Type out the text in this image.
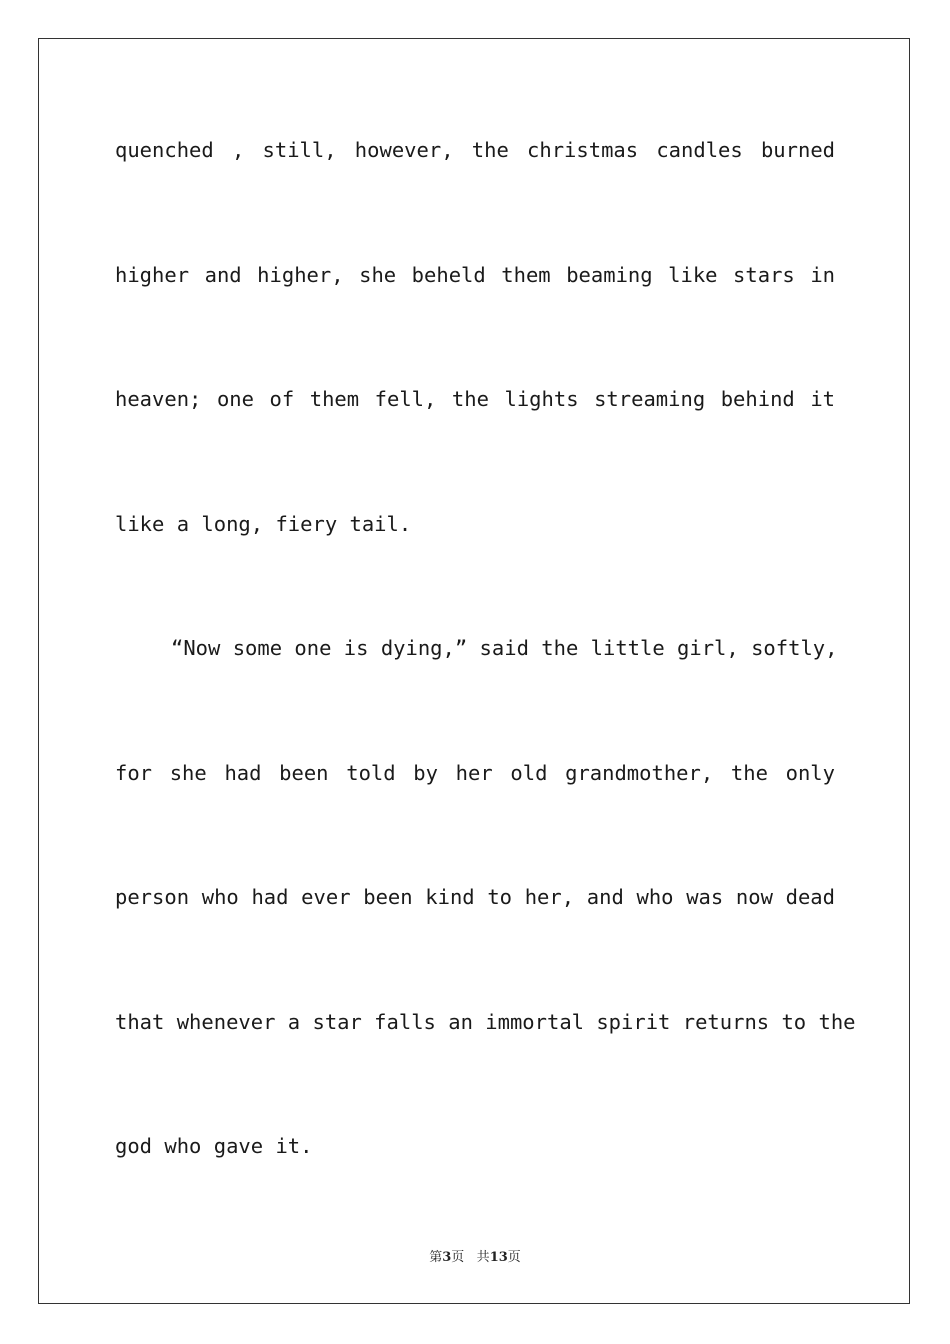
quenched , still, however, the christmas candles burned
higher and higher, she beheld them beaming like stars in
heaven; one of them fell, the lights streaming behind it
like a long, fiery tail.
“Now some one is dying,” said the little girl, softly,
for she had been told by her old grandmother, the only
person who had ever been kind to her, and who was now dead
that whenever a star falls an immortal spirit returns to the
god who gave it.
第3页 共13页
